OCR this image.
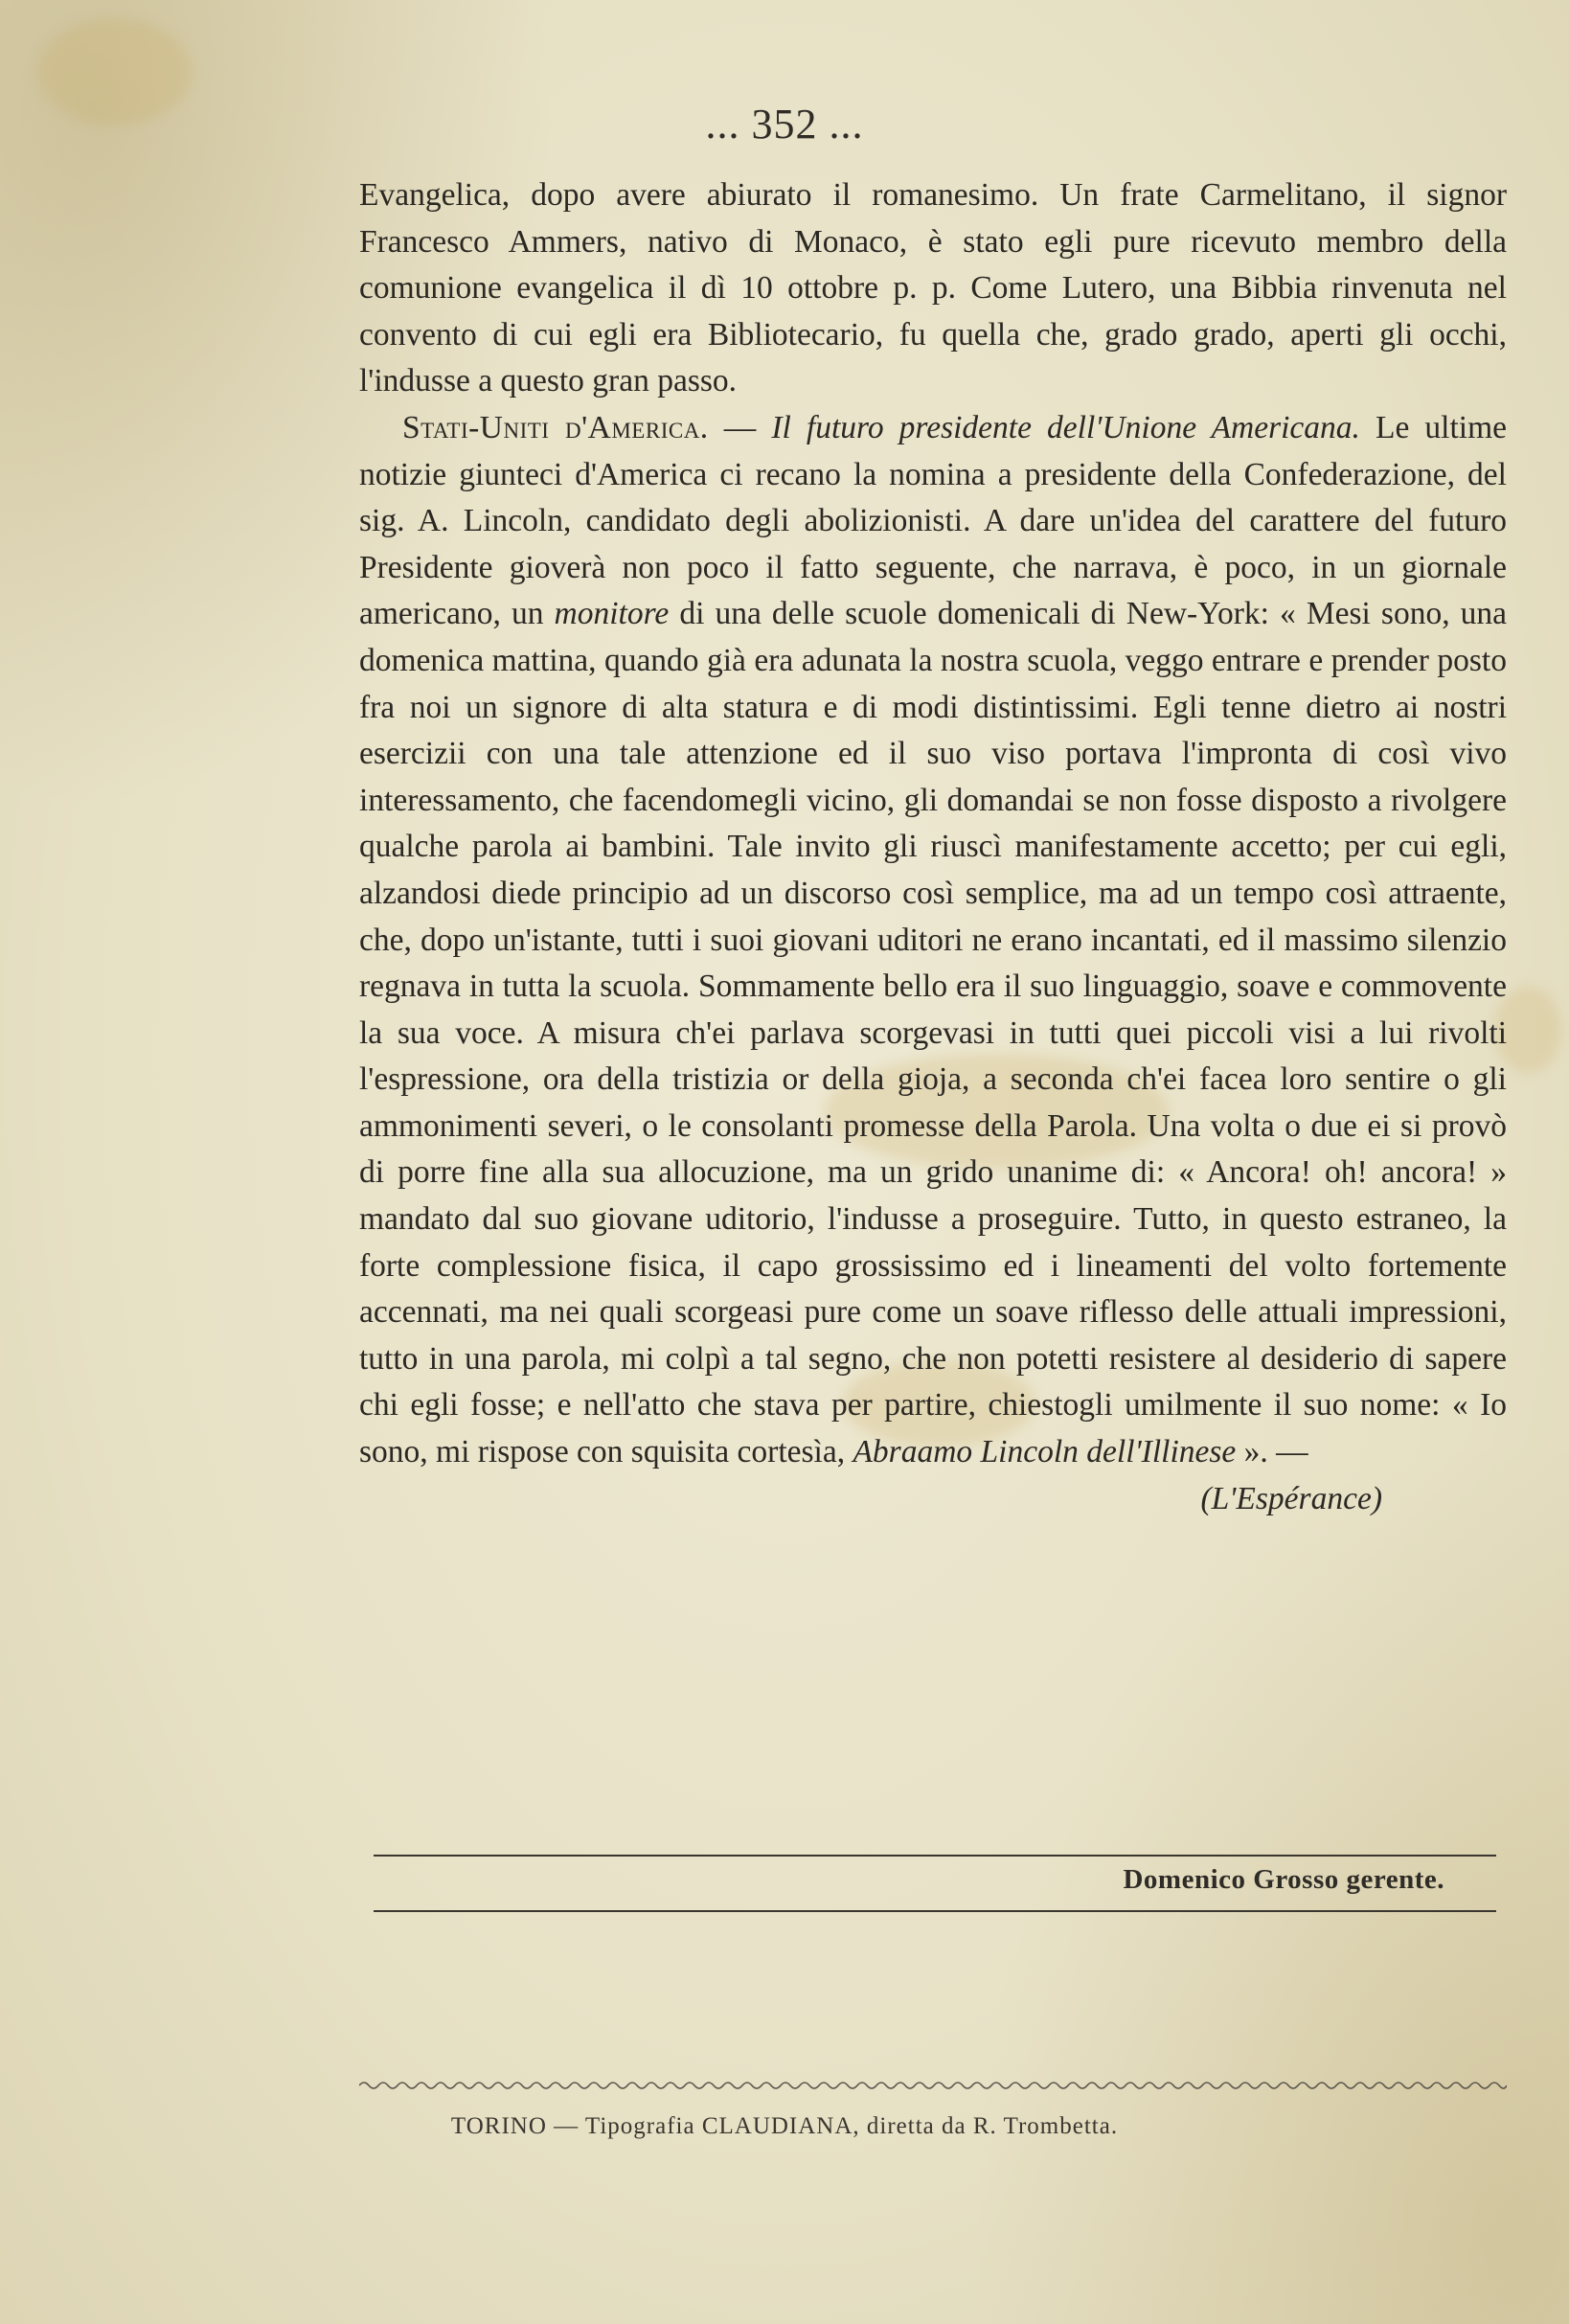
... 352 ...

Evangelica, dopo avere abiurato il romanesimo. Un frate Carmelitano, il signor Francesco Ammers, nativo di Monaco, è stato egli pure ricevuto membro della comunione evangelica il dì 10 ottobre p. p. Come Lutero, una Bibbia rinvenuta nel convento di cui egli era Bibliotecario, fu quella che, grado grado, aperti gli occhi, l'indusse a questo gran passo.

Stati-Uniti d'America. — Il futuro presidente dell'Unione Americana. Le ultime notizie giunteci d'America ci recano la nomina a presidente della Confederazione, del sig. A. Lincoln, candidato degli abolizionisti. A dare un'idea del carattere del futuro Presidente gioverà non poco il fatto seguente, che narrava, è poco, in un giornale americano, un monitore di una delle scuole domenicali di New-York: « Mesi sono, una domenica mattina, quando già era adunata la nostra scuola, veggo entrare e prender posto fra noi un signore di alta statura e di modi distintissimi. Egli tenne dietro ai nostri esercizii con una tale attenzione ed il suo viso portava l'impronta di così vivo interessamento, che facendomegli vicino, gli domandai se non fosse disposto a rivolgere qualche parola ai bambini. Tale invito gli riuscì manifestamente accetto; per cui egli, alzandosi diede principio ad un discorso così semplice, ma ad un tempo così attraente, che, dopo un'istante, tutti i suoi giovani uditori ne erano incantati, ed il massimo silenzio regnava in tutta la scuola. Sommamente bello era il suo linguaggio, soave e commovente la sua voce. A misura ch'ei parlava scorgevasi in tutti quei piccoli visi a lui rivolti l'espressione, ora della tristizia or della gioja, a seconda ch'ei facea loro sentire o gli ammonimenti severi, o le consolanti promesse della Parola. Una volta o due ei si provò di porre fine alla sua allocuzione, ma un grido unanime di: « Ancora! oh! ancora! » mandato dal suo giovane uditorio, l'indusse a proseguire. Tutto, in questo estraneo, la forte complessione fisica, il capo grossissimo ed i lineamenti del volto fortemente accennati, ma nei quali scorgeasi pure come un soave riflesso delle attuali impressioni, tutto in una parola, mi colpì a tal segno, che non potetti resistere al desiderio di sapere chi egli fosse; e nell'atto che stava per partire, chiestogli umilmente il suo nome: « Io sono, mi rispose con squisita cortesìa, Abraamo Lincoln dell'Illinese ». —

(L'Espérance)

Domenico Grosso gerente.
TORINO — Tipografia CLAUDIANA, diretta da R. Trombetta.
